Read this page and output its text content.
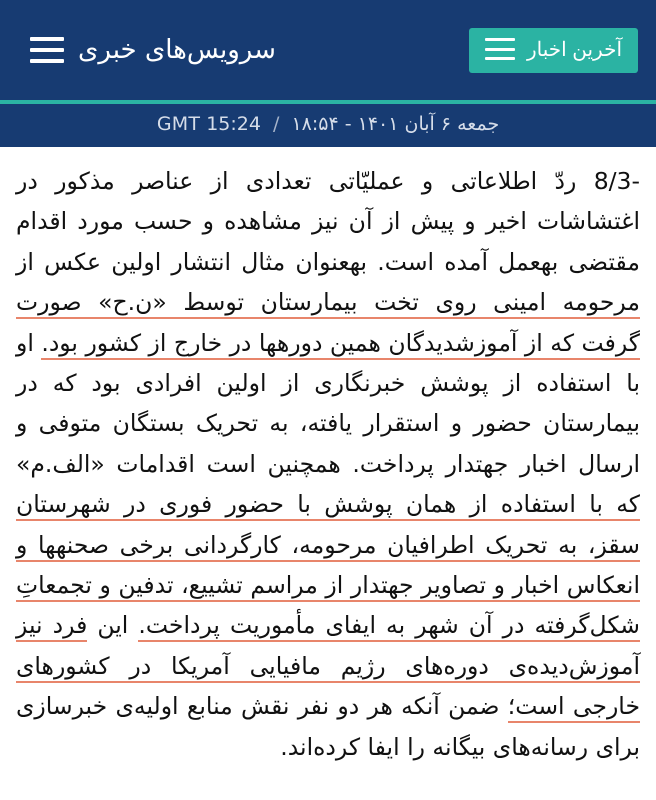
آخرین اخبار
سرویس‌های خبری
جمعه ۶ آبان ۱۴۰۱ - ۱۸:۵۴ / 15:24 GMT

-8/3 ردّ اطلاعاتی و عملیّاتی تعدادی از عناصر مذکور در اغتشاشات اخیر و پیش از آن نیز مشاهده و حسب مورد اقدام مقتضی بهعمل آمده است. بهعنوان مثال انتشار اولین عکس از مرحومه امینی روی تخت بیمارستان توسط «ن.ح» صورت گرفت که از آموزشدیدگان همین دورهها در خارج از کشور بود. او با استفاده از پوشش خبرنگاری از اولین افرادی بود که در بیمارستان حضور و استقرار یافته، به تحریک بستگان متوفی و ارسال اخبار جهتدار پرداخت. همچنین است اقدامات «الف.م» که با استفاده از همان پوشش با حضور فوری در شهرستان سقز، به تحریک اطرافیان مرحومه، کارگردانی برخی صحنهها و انعکاس اخبار و تصاویر جهتدار از مراسم تشییع، تدفین و تجمعاتِ شکل‌گرفته در آن شهر به ایفای مأموریت پرداخت. این فرد نیز آموزش‌دیده‌ی دوره‌های رژیم مافیایی آمریکا در کشورهای خارجی است؛ ضمن آنکه هر دو نفر نقش منابع اولیه‌ی خبرسازی برای رسانه‌های بیگانه را ایفا کرده‌اند.
